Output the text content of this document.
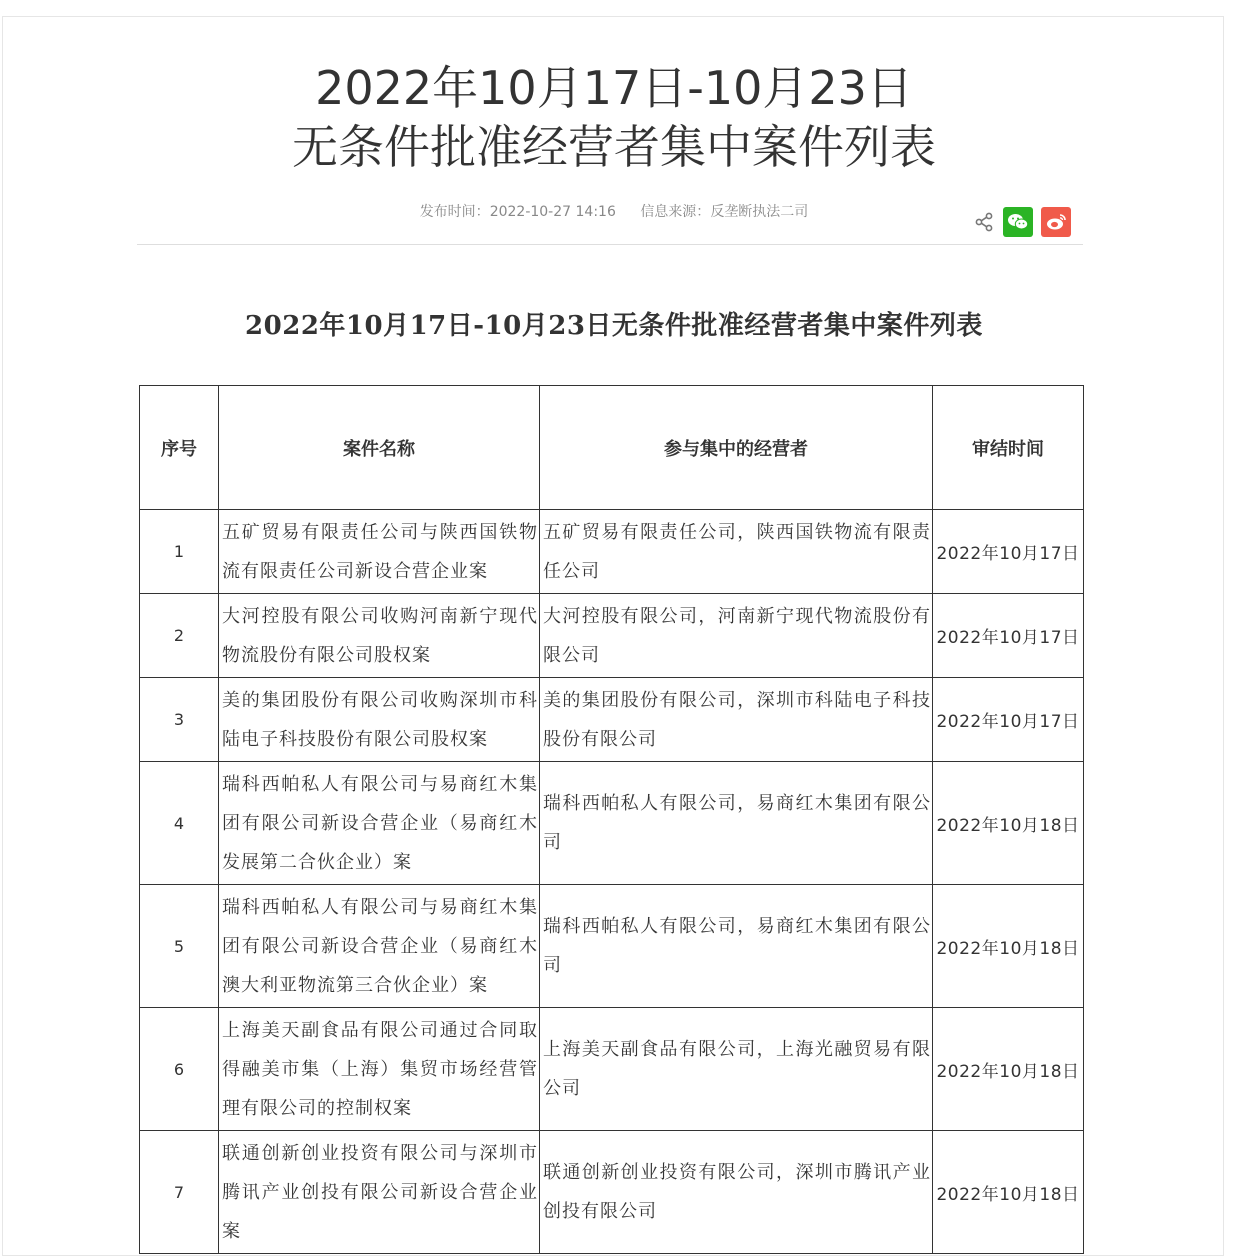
2022年10月17日-10月23日
无条件批准经营者集中案件列表
发布时间：2022-10-27 14:16 信息来源：反垄断执法二司
2022年10月17日-10月23日无条件批准经营者集中案件列表
序号	案件名称	参与集中的经营者	审结时间
1	五矿贸易有限责任公司与陕西国铁物流有限责任公司新设合营企业案	五矿贸易有限责任公司，陕西国铁物流有限责任公司	2022年10月17日
2	大河控股有限公司收购河南新宁现代物流股份有限公司股权案	大河控股有限公司，河南新宁现代物流股份有限公司	2022年10月17日
3	美的集团股份有限公司收购深圳市科陆电子科技股份有限公司股权案	美的集团股份有限公司，深圳市科陆电子科技股份有限公司	2022年10月17日
4	瑞科西帕私人有限公司与易商红木集团有限公司新设合营企业（易商红木发展第二合伙企业）案	瑞科西帕私人有限公司，易商红木集团有限公司	2022年10月18日
5	瑞科西帕私人有限公司与易商红木集团有限公司新设合营企业（易商红木澳大利亚物流第三合伙企业）案	瑞科西帕私人有限公司，易商红木集团有限公司	2022年10月18日
6	上海美天副食品有限公司通过合同取得融美市集（上海）集贸市场经营管理有限公司的控制权案	上海美天副食品有限公司，上海光融贸易有限公司	2022年10月18日
7	联通创新创业投资有限公司与深圳市腾讯产业创投有限公司新设合营企业案	联通创新创业投资有限公司，深圳市腾讯产业创投有限公司	2022年10月18日
